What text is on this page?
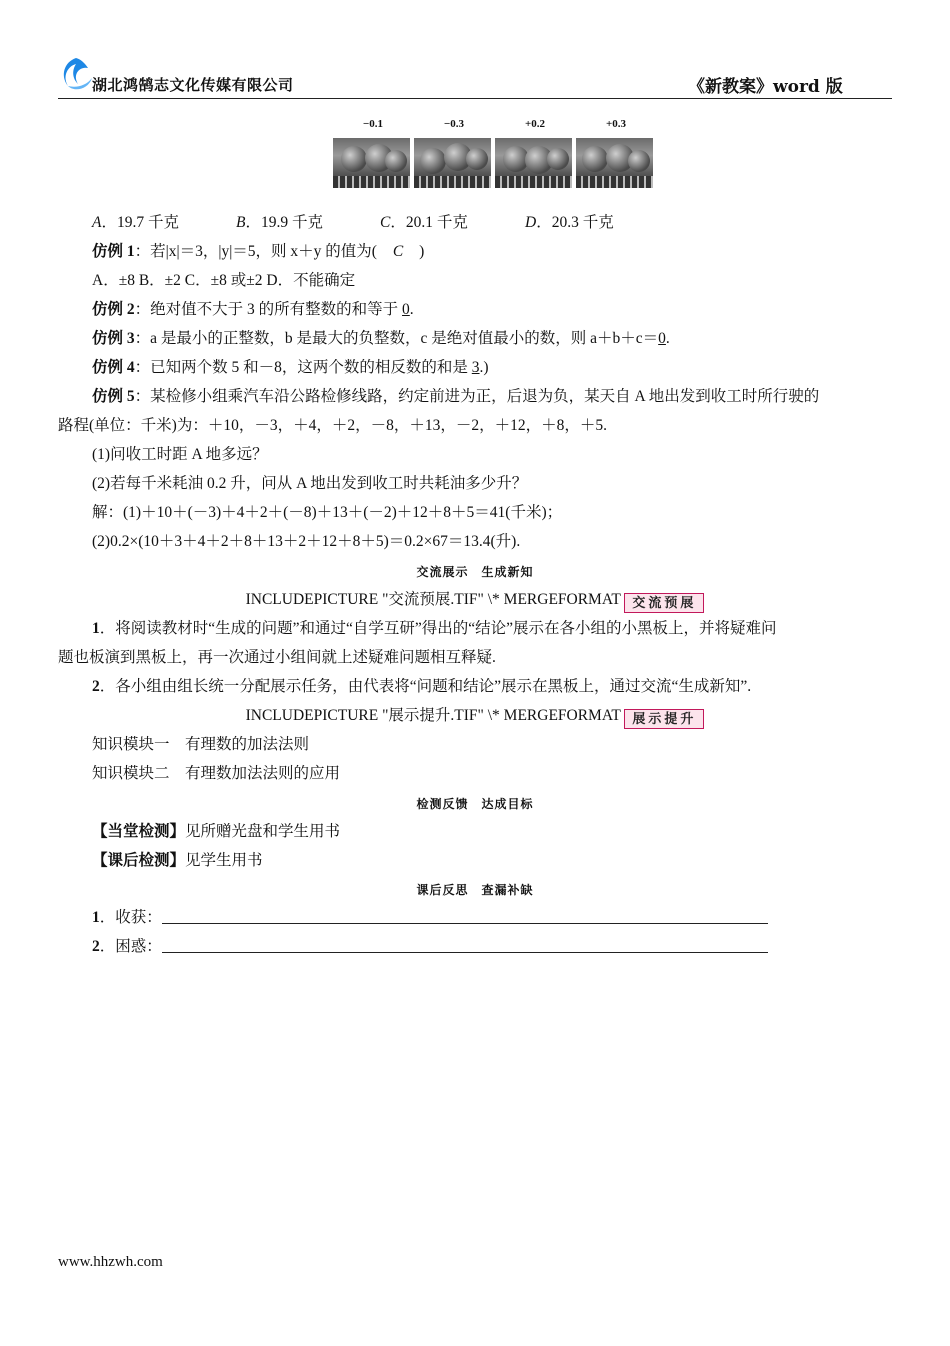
湖北鸿鹄志文化传媒有限公司	《新教案》word 版
−0.1	−0.3	+0.2	+0.3
A．19.7 千克	B．19.9 千克	C．20.1 千克	D．20.3 千克
仿例 1：若|x|＝3，|y|＝5，则 x＋y 的值为( C )
A．±8 B．±2 C．±8 或±2 D．不能确定
仿例 2：绝对值不大于 3 的所有整数的和等于 0.
仿例 3：a 是最小的正整数，b 是最大的负整数，c 是绝对值最小的数，则 a＋b＋c＝0.
仿例 4：已知两个数 5 和－8，这两个数的相反数的和是 3.)
仿例 5：某检修小组乘汽车沿公路检修线路，约定前进为正，后退为负，某天自 A 地出发到收工时所行驶的
路程(单位：千米)为：＋10，－3，＋4，＋2，－8，＋13，－2，＋12，＋8，＋5.
(1)问收工时距 A 地多远？
(2)若每千米耗油 0.2 升，问从 A 地出发到收工时共耗油多少升？
解：(1)＋10＋(－3)＋4＋2＋(－8)＋13＋(－2)＋12＋8＋5＝41(千米)；
(2)0.2×(10＋3＋4＋2＋8＋13＋2＋12＋8＋5)＝0.2×67＝13.4(升).
交流展示　生成新知
INCLUDEPICTURE "交流预展.TIF" \* MERGEFORMAT 交流预展
1．将阅读教材时“生成的问题”和通过“自学互研”得出的“结论”展示在各小组的小黑板上，并将疑难问
题也板演到黑板上，再一次通过小组间就上述疑难问题相互释疑.
2．各小组由组长统一分配展示任务，由代表将“问题和结论”展示在黑板上，通过交流“生成新知”.
INCLUDEPICTURE "展示提升.TIF" \* MERGEFORMAT 展示提升
知识模块一　有理数的加法法则
知识模块二　有理数加法法则的应用
检测反馈　达成目标
【当堂检测】见所赠光盘和学生用书
【课后检测】见学生用书
课后反思　查漏补缺
1．收获：
2．困惑：
www.hhzwh.com
